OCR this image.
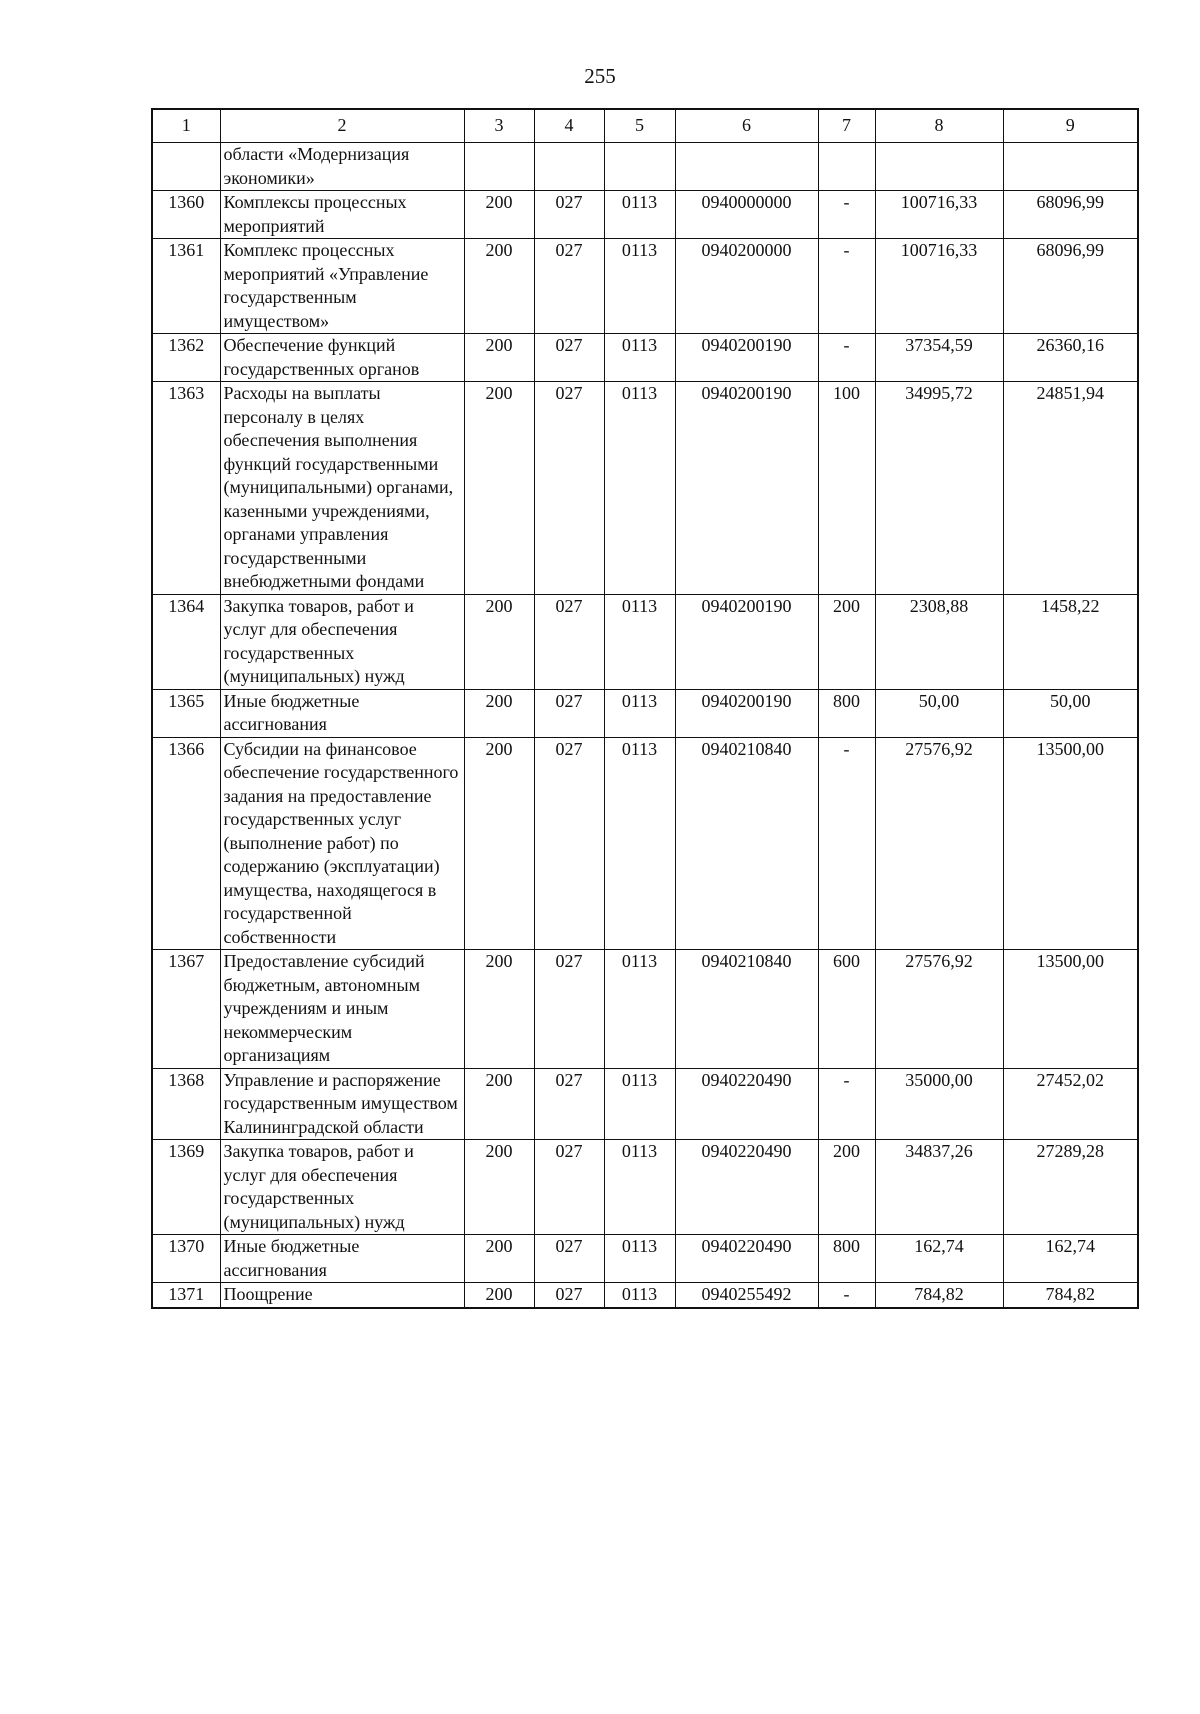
255
1	2	3	4	5	6	7	8	9
	области «Модернизация экономики»							
1360	Комплексы процессных мероприятий	200	027	0113	0940000000	-	100716,33	68096,99
1361	Комплекс процессных мероприятий «Управление государственным имуществом»	200	027	0113	0940200000	-	100716,33	68096,99
1362	Обеспечение функций государственных органов	200	027	0113	0940200190	-	37354,59	26360,16
1363	Расходы на выплаты персоналу в целях обеспечения выполнения функций государственными (муниципальными) органами, казенными учреждениями, органами управления государственными внебюджетными фондами	200	027	0113	0940200190	100	34995,72	24851,94
1364	Закупка товаров, работ и услуг для обеспечения государственных (муниципальных) нужд	200	027	0113	0940200190	200	2308,88	1458,22
1365	Иные бюджетные ассигнования	200	027	0113	0940200190	800	50,00	50,00
1366	Субсидии на финансовое обеспечение государственного задания на предоставление государственных услуг (выполнение работ) по содержанию (эксплуатации) имущества, находящегося в государственной собственности	200	027	0113	0940210840	-	27576,92	13500,00
1367	Предоставление субсидий бюджетным, автономным учреждениям и иным некоммерческим организациям	200	027	0113	0940210840	600	27576,92	13500,00
1368	Управление и распоряжение государственным имуществом Калининградской области	200	027	0113	0940220490	-	35000,00	27452,02
1369	Закупка товаров, работ и услуг для обеспечения государственных (муниципальных) нужд	200	027	0113	0940220490	200	34837,26	27289,28
1370	Иные бюджетные ассигнования	200	027	0113	0940220490	800	162,74	162,74
1371	Поощрение	200	027	0113	0940255492	-	784,82	784,82
